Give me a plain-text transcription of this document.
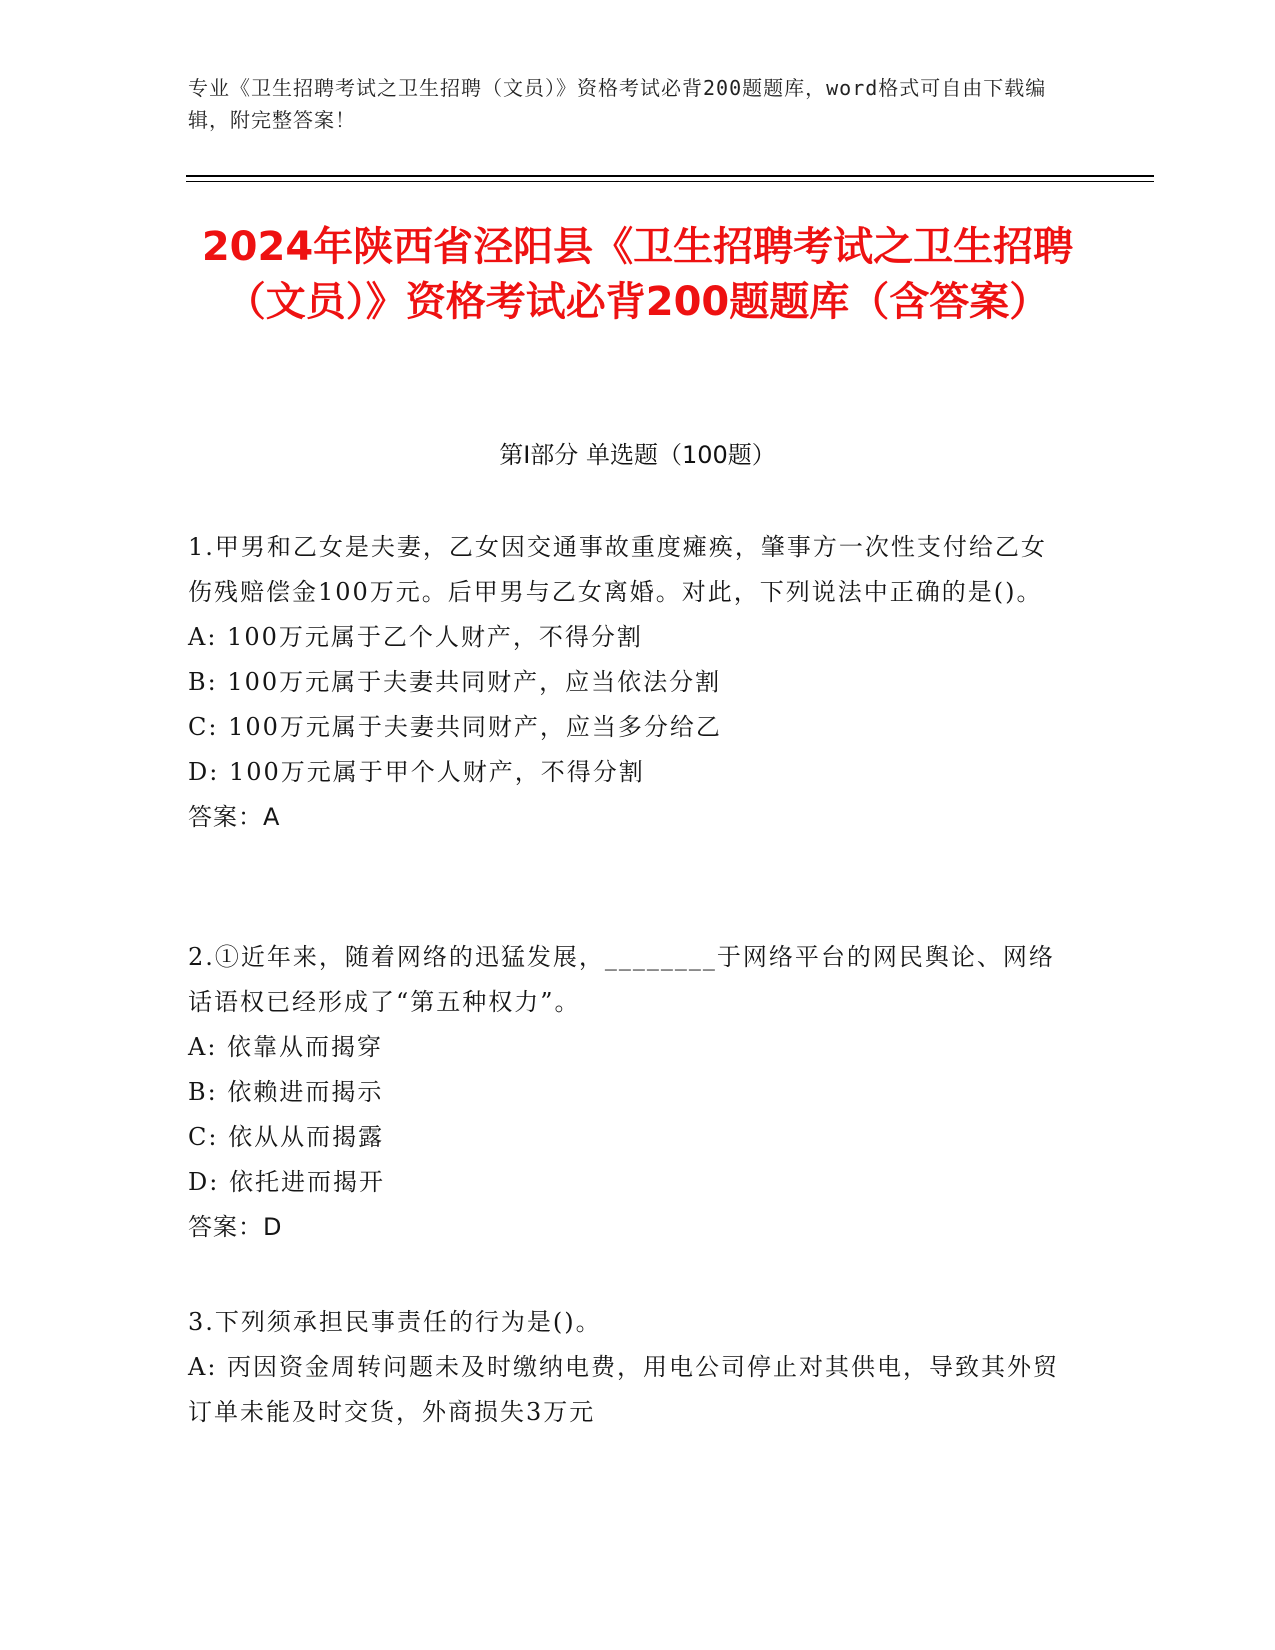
专业《卫生招聘考试之卫生招聘（文员）》资格考试必背200题题库，word格式可自由下载编辑，附完整答案！
2024年陕西省泾阳县《卫生招聘考试之卫生招聘（文员）》资格考试必背200题题库（含答案）
第I部分 单选题（100题）
1.甲男和乙女是夫妻，乙女因交通事故重度瘫痪，肇事方一次性支付给乙女伤残赔偿金100万元。后甲男与乙女离婚。对此，下列说法中正确的是()。
A: 100万元属于乙个人财产，不得分割
B: 100万元属于夫妻共同财产，应当依法分割
C: 100万元属于夫妻共同财产，应当多分给乙
D: 100万元属于甲个人财产，不得分割
答案：A
2.①近年来，随着网络的迅猛发展，________于网络平台的网民舆论、网络话语权已经形成了“第五种权力”。
A: 依靠从而揭穿
B: 依赖进而揭示
C: 依从从而揭露
D: 依托进而揭开
答案：D
3.下列须承担民事责任的行为是()。
A: 丙因资金周转问题未及时缴纳电费，用电公司停止对其供电，导致其外贸订单未能及时交货，外商损失3万元
